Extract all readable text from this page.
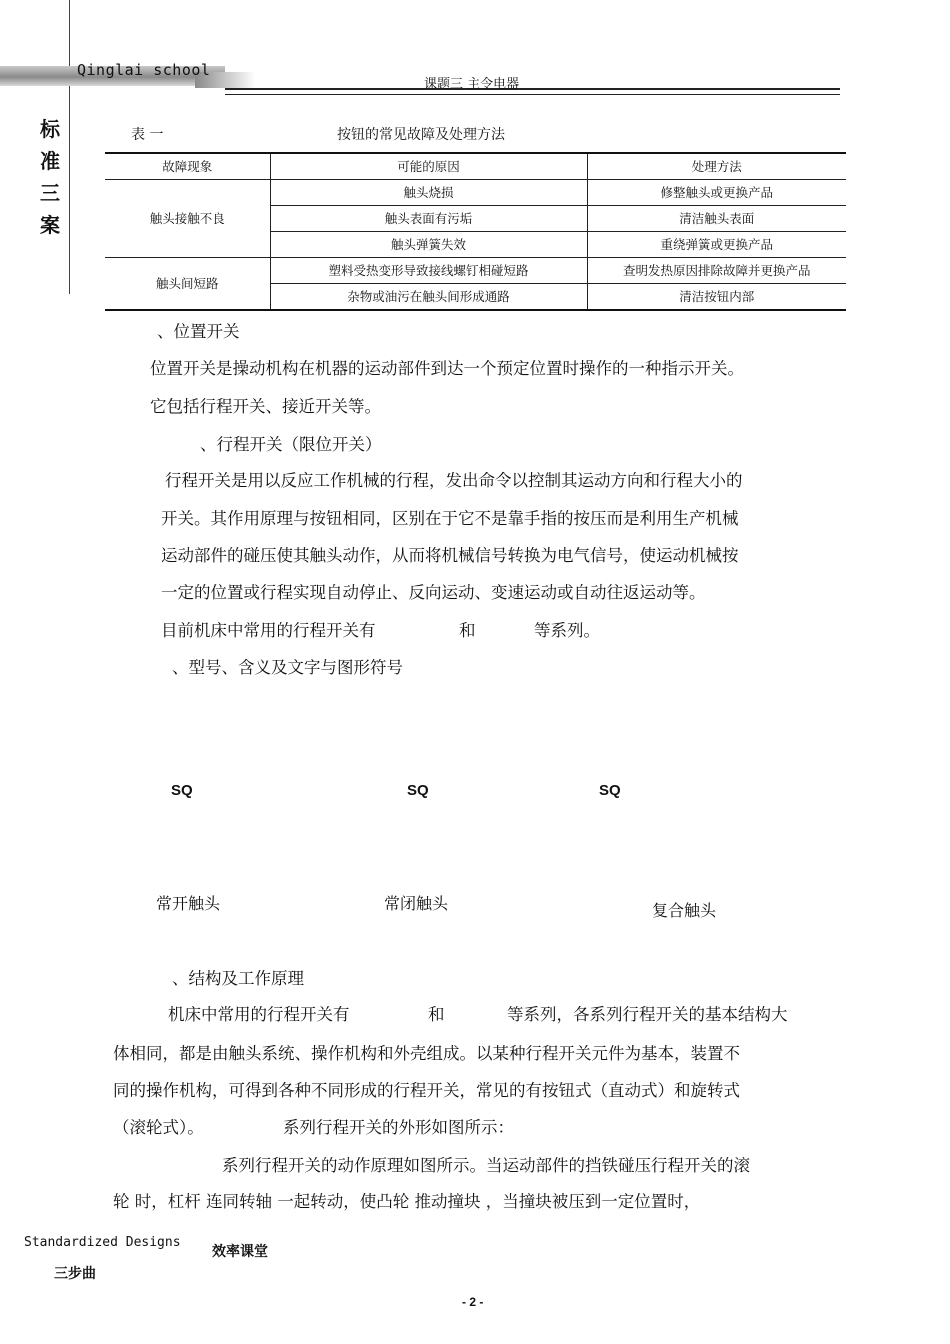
Qinglai school
课题三 主令电器
标
准
三
案
表 一	按钮的常见故障及处理方法
故障现象	可能的原因	处理方法
触头接触不良	触头烧损	修整触头或更换产品
	触头表面有污垢	清洁触头表面
	触头弹簧失效	重绕弹簧或更换产品
触头间短路	塑料受热变形导致接线螺钉相碰短路	查明发热原因排除故障并更换产品
	杂物或油污在触头间形成通路	清洁按钮内部
、位置开关
位置开关是操动机构在机器的运动部件到达一个预定位置时操作的一种指示开关。
它包括行程开关、接近开关等。
、行程开关（限位开关）
行程开关是用以反应工作机械的行程，发出命令以控制其运动方向和行程大小的
开关。其作用原理与按钮相同，区别在于它不是靠手指的按压而是利用生产机械
运动部件的碰压使其触头动作，从而将机械信号转换为电气信号，使运动机械按
一定的位置或行程实现自动停止、反向运动、变速运动或自动往返运动等。
目前机床中常用的行程开关有	和	等系列。
、型号、含义及文字与图形符号
SQ	SQ	SQ
常开触头	常闭触头	复合触头
、结构及工作原理
机床中常用的行程开关有	和	等系列，各系列行程开关的基本结构大
体相同，都是由触头系统、操作机构和外壳组成。以某种行程开关元件为基本，装置不
同的操作机构，可得到各种不同形成的行程开关，常见的有按钮式（直动式）和旋转式
（滚轮式）。	系列行程开关的外形如图所示：
系列行程开关的动作原理如图所示。当运动部件的挡铁碰压行程开关的滚
轮 时，杠杆 连同转轴 一起转动，使凸轮 推动撞块 ，当撞块被压到一定位置时，
Standardized Designs
效率课堂
三步曲
- 2 -
